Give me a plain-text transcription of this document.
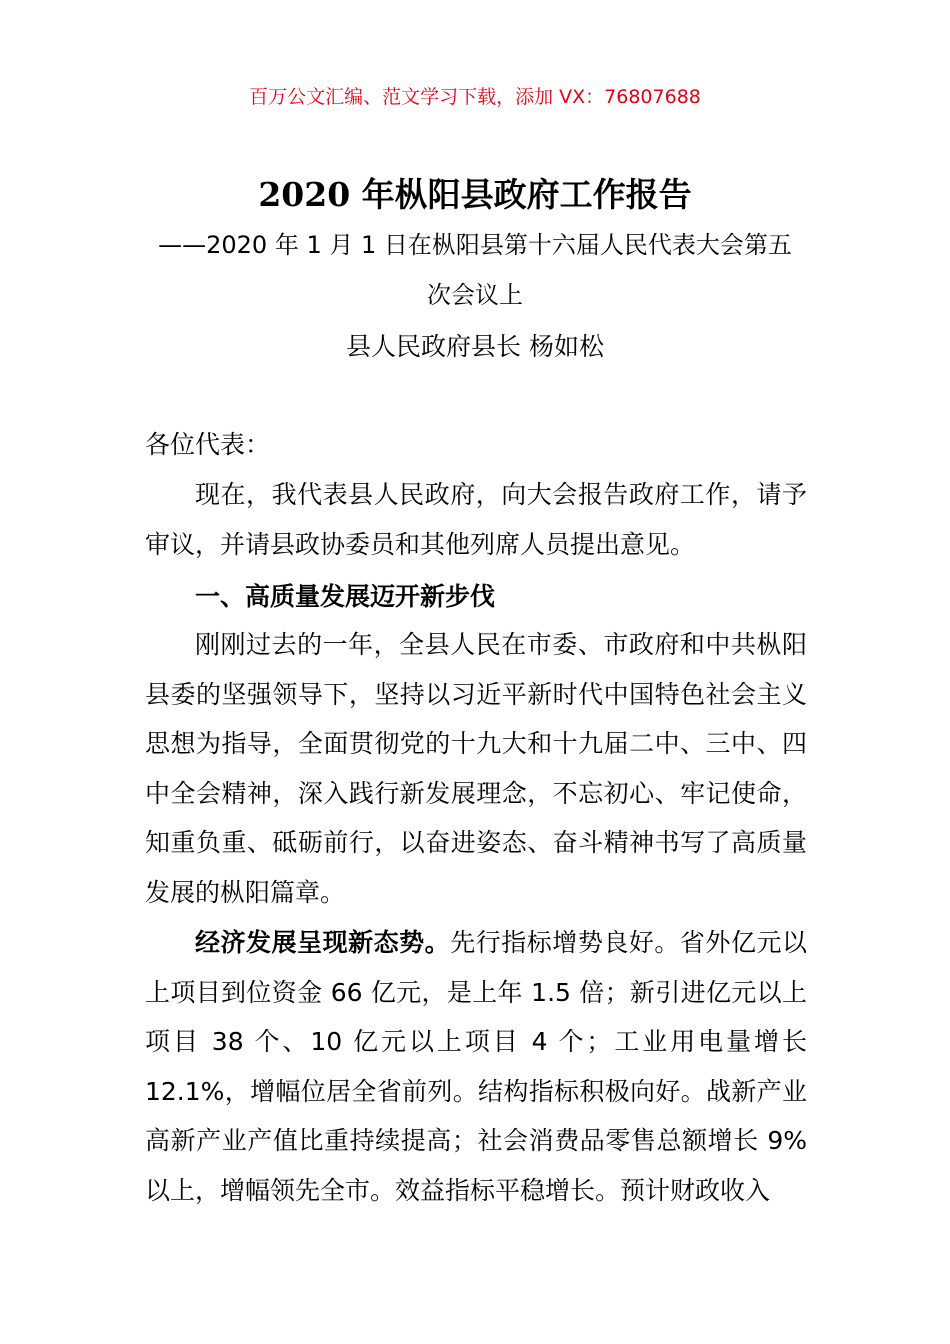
百万公文汇编、范文学习下载，添加 VX：76807688
2020 年枞阳县政府工作报告
——2020 年 1 月 1 日在枞阳县第十六届人民代表大会第五
次会议上
县人民政府县长 杨如松
各位代表：
现在，我代表县人民政府，向大会报告政府工作，请予审议，并请县政协委员和其他列席人员提出意见。
一、高质量发展迈开新步伐
刚刚过去的一年，全县人民在市委、市政府和中共枞阳县委的坚强领导下，坚持以习近平新时代中国特色社会主义思想为指导，全面贯彻党的十九大和十九届二中、三中、四中全会精神，深入践行新发展理念，不忘初心、牢记使命，知重负重、砥砺前行，以奋进姿态、奋斗精神书写了高质量发展的枞阳篇章。
经济发展呈现新态势。先行指标增势良好。省外亿元以上项目到位资金 66 亿元，是上年 1.5 倍；新引进亿元以上项目 38 个、10 亿元以上项目 4 个；工业用电量增长 12.1%，增幅位居全省前列。结构指标积极向好。战新产业高新产业产值比重持续提高；社会消费品零售总额增长 9%以上，增幅领先全市。效益指标平稳增长。预计财政收入
